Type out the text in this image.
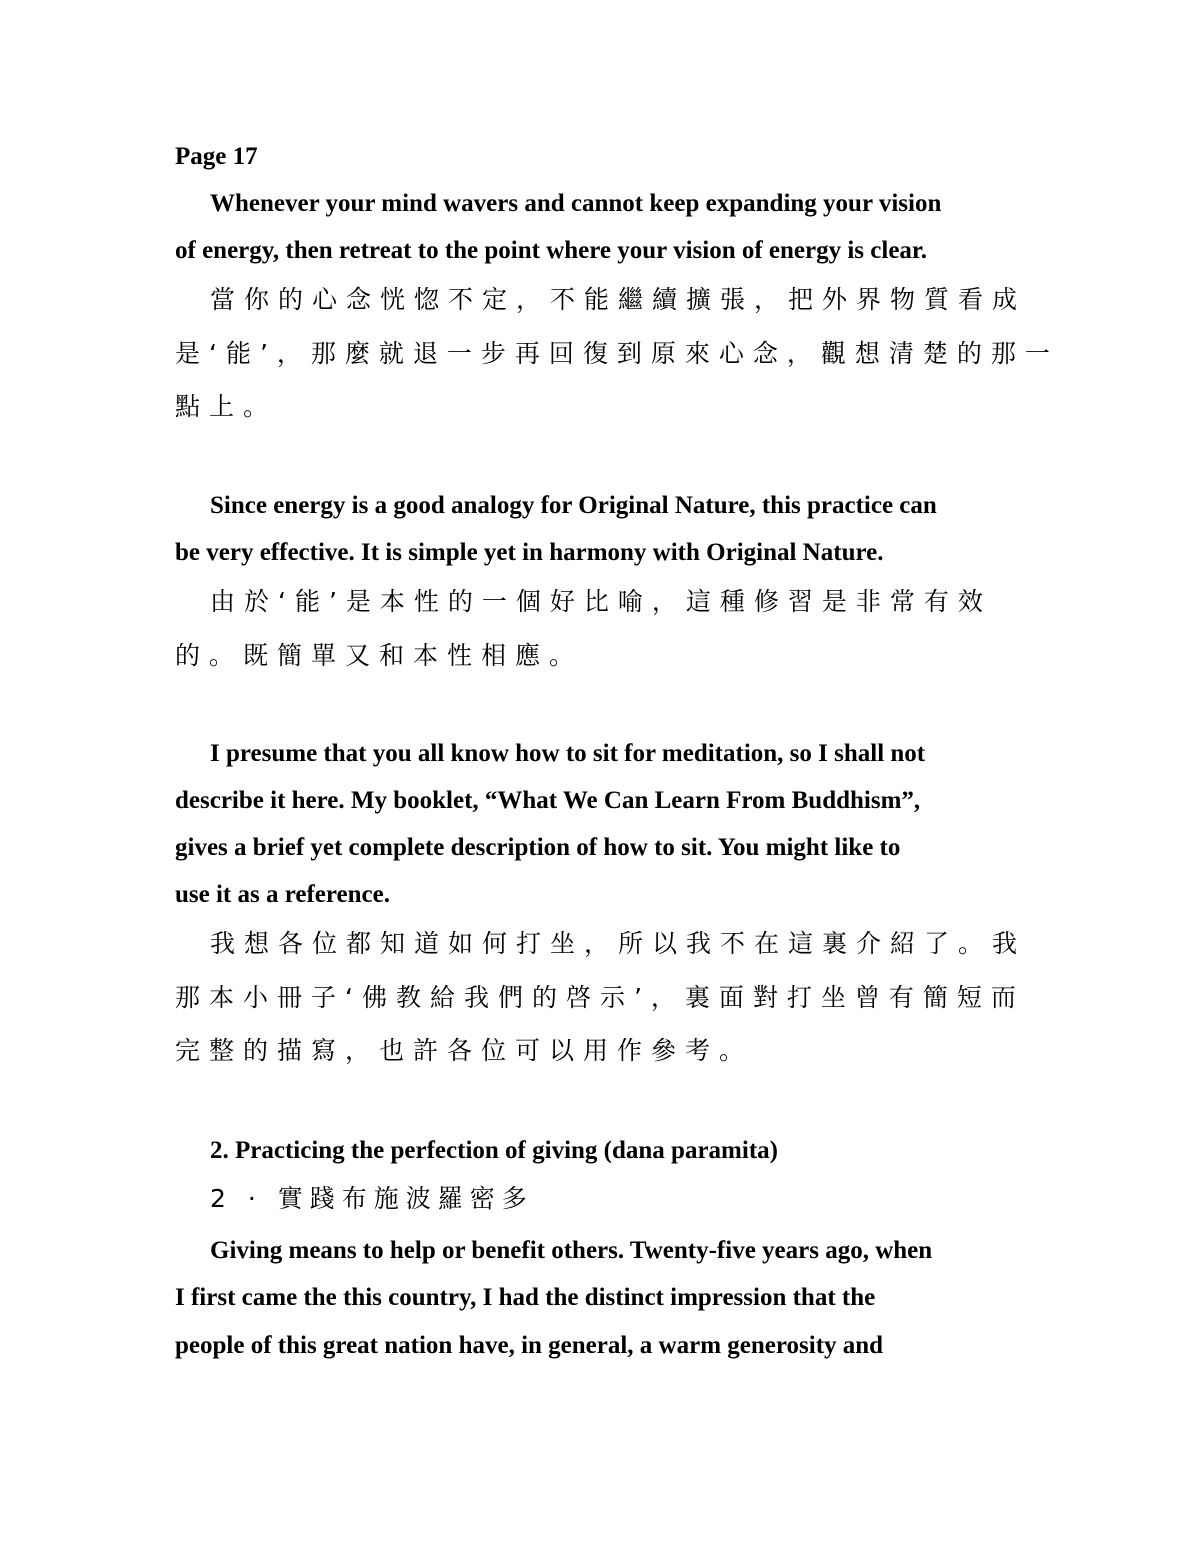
Page 17
Whenever your mind wavers and cannot keep expanding your vision
of energy, then retreat to the point where your vision of energy is clear.
當你的心念恍惚不定，不能繼續擴張，把外界物質看成
是‘能’，那麼就退一步再回復到原來心念，觀想清楚的那一
點上。
Since energy is a good analogy for Original Nature, this practice can
be very effective. It is simple yet in harmony with Original Nature.
由於‘能’是本性的一個好比喻，這種修習是非常有效
的。既簡單又和本性相應。
I presume that you all know how to sit for meditation, so I shall not
describe it here. My booklet, “What We Can Learn From Buddhism”,
gives a brief yet complete description of how to sit. You might like to
use it as a reference.
我想各位都知道如何打坐，所以我不在這裏介紹了。我
那本小冊子‘佛教給我們的啓示’，裏面對打坐曾有簡短而
完整的描寫，也許各位可以用作參考。
2. Practicing the perfection of giving (dana paramita)
2 · 實踐布施波羅密多
Giving means to help or benefit others. Twenty-five years ago, when
I first came the this country, I had the distinct impression that the
people of this great nation have, in general, a warm generosity and
